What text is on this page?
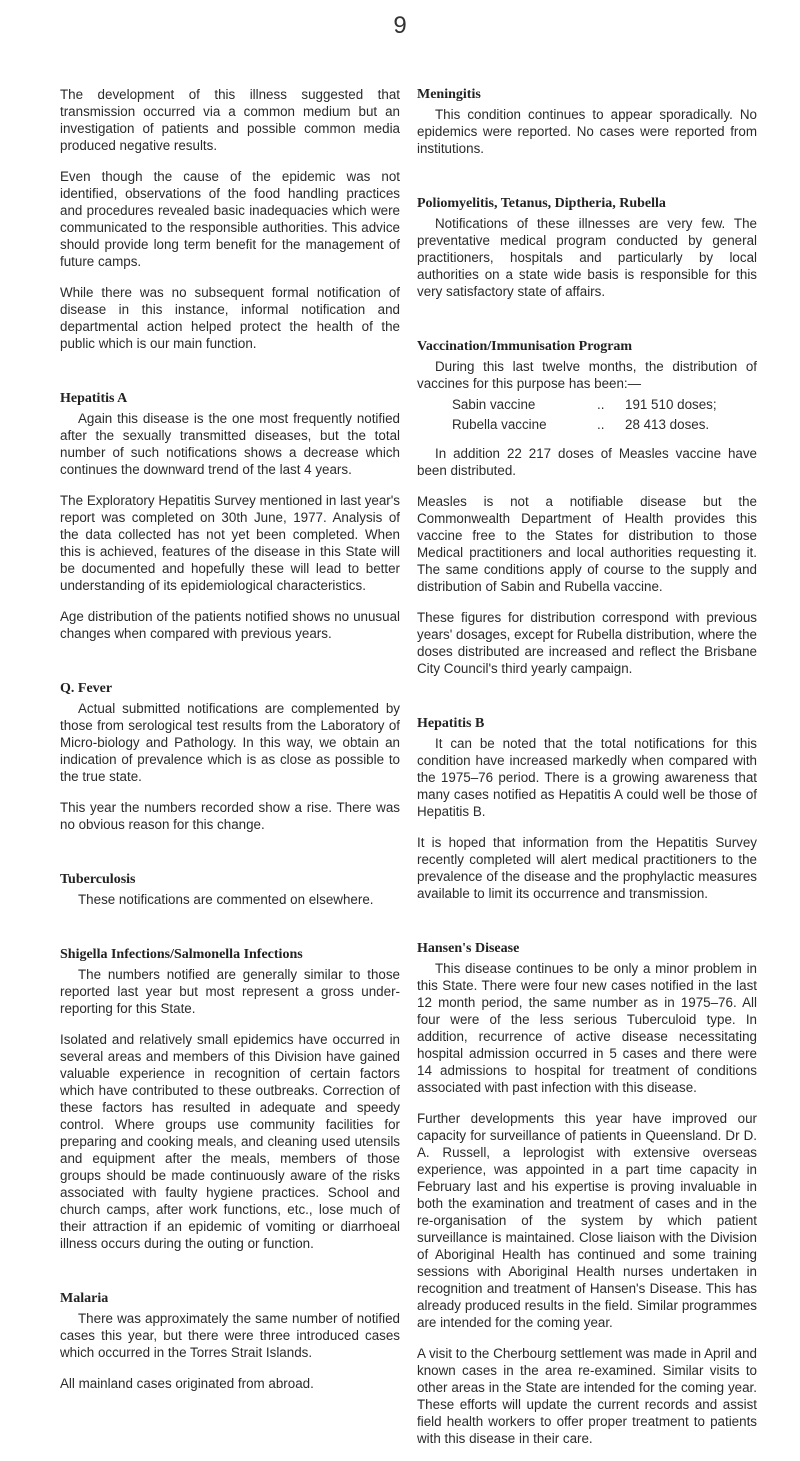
9

The development of this illness suggested that transmission occurred via a common medium but an investigation of patients and possible common media produced negative results.

Even though the cause of the epidemic was not identified, observations of the food handling practices and procedures revealed basic inadequacies which were communicated to the responsible authorities. This advice should provide long term benefit for the management of future camps.

While there was no subsequent formal notification of disease in this instance, informal notification and departmental action helped protect the health of the public which is our main function.

Hepatitis A

Again this disease is the one most frequently notified after the sexually transmitted diseases, but the total number of such notifications shows a decrease which continues the downward trend of the last 4 years.

The Exploratory Hepatitis Survey mentioned in last year's report was completed on 30th June, 1977. Analysis of the data collected has not yet been completed. When this is achieved, features of the disease in this State will be documented and hopefully these will lead to better understanding of its epidemiological characteristics.

Age distribution of the patients notified shows no unusual changes when compared with previous years.

Q. Fever

Actual submitted notifications are complemented by those from serological test results from the Laboratory of Micro-biology and Pathology. In this way, we obtain an indication of prevalence which is as close as possible to the true state.

This year the numbers recorded show a rise. There was no obvious reason for this change.

Tuberculosis

These notifications are commented on elsewhere.

Shigella Infections/Salmonella Infections

The numbers notified are generally similar to those reported last year but most represent a gross under-reporting for this State.

Isolated and relatively small epidemics have occurred in several areas and members of this Division have gained valuable experience in recognition of certain factors which have contributed to these outbreaks. Correction of these factors has resulted in adequate and speedy control. Where groups use community facilities for preparing and cooking meals, and cleaning used utensils and equipment after the meals, members of those groups should be made continuously aware of the risks associated with faulty hygiene practices. School and church camps, after work functions, etc., lose much of their attraction if an epidemic of vomiting or diarrhoeal illness occurs during the outing or function.

Malaria

There was approximately the same number of notified cases this year, but there were three introduced cases which occurred in the Torres Strait Islands.

All mainland cases originated from abroad.

Meningitis

This condition continues to appear sporadically. No epidemics were reported. No cases were reported from institutions.

Poliomyelitis, Tetanus, Diptheria, Rubella

Notifications of these illnesses are very few. The preventative medical program conducted by general practitioners, hospitals and particularly by local authorities on a state wide basis is responsible for this very satisfactory state of affairs.

Vaccination/Immunisation Program

During this last twelve months, the distribution of vaccines for this purpose has been:—

Sabin vaccine	..	191 510 doses;
Rubella vaccine	..	28 413 doses.

In addition 22 217 doses of Measles vaccine have been distributed.

Measles is not a notifiable disease but the Commonwealth Department of Health provides this vaccine free to the States for distribution to those Medical practitioners and local authorities requesting it. The same conditions apply of course to the supply and distribution of Sabin and Rubella vaccine.

These figures for distribution correspond with previous years' dosages, except for Rubella distribution, where the doses distributed are increased and reflect the Brisbane City Council's third yearly campaign.

Hepatitis B

It can be noted that the total notifications for this condition have increased markedly when compared with the 1975–76 period. There is a growing awareness that many cases notified as Hepatitis A could well be those of Hepatitis B.

It is hoped that information from the Hepatitis Survey recently completed will alert medical practitioners to the prevalence of the disease and the prophylactic measures available to limit its occurrence and transmission.

Hansen's Disease

This disease continues to be only a minor problem in this State. There were four new cases notified in the last 12 month period, the same number as in 1975–76. All four were of the less serious Tuberculoid type. In addition, recurrence of active disease necessitating hospital admission occurred in 5 cases and there were 14 admissions to hospital for treatment of conditions associated with past infection with this disease.

Further developments this year have improved our capacity for surveillance of patients in Queensland. Dr D. A. Russell, a leprologist with extensive overseas experience, was appointed in a part time capacity in February last and his expertise is proving invaluable in both the examination and treatment of cases and in the re-organisation of the system by which patient surveillance is maintained. Close liaison with the Division of Aboriginal Health has continued and some training sessions with Aboriginal Health nurses undertaken in recognition and treatment of Hansen's Disease. This has already produced results in the field. Similar programmes are intended for the coming year.

A visit to the Cherbourg settlement was made in April and known cases in the area re-examined. Similar visits to other areas in the State are intended for the coming year. These efforts will update the current records and assist field health workers to offer proper treatment to patients with this disease in their care.
